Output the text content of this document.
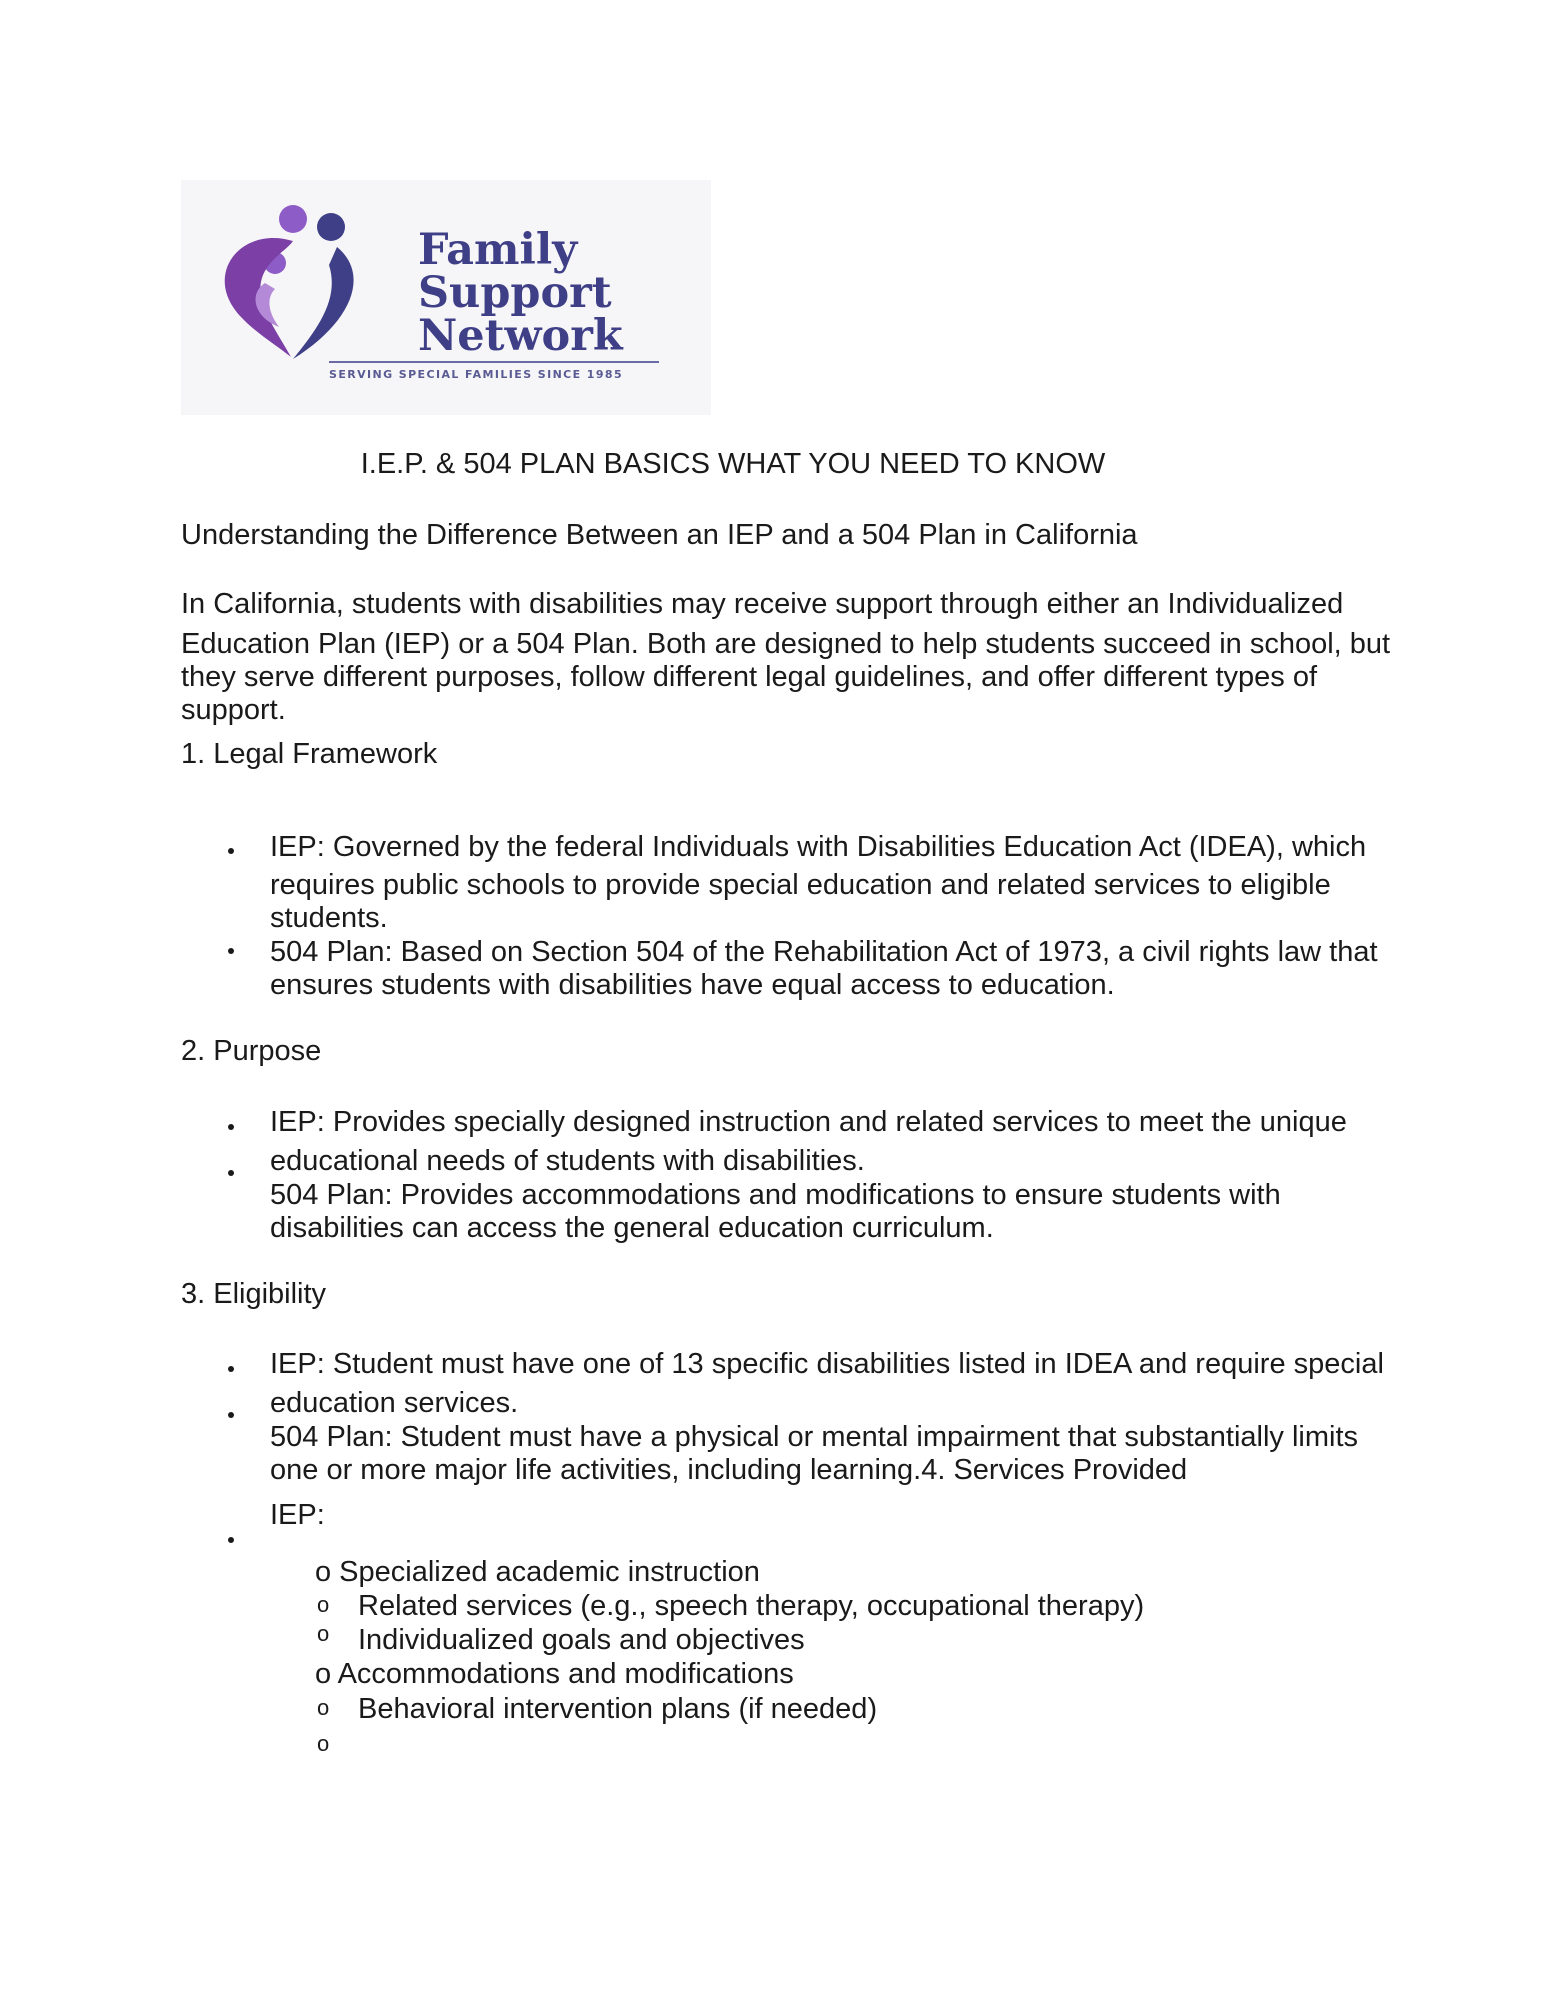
Family
Support
Network
SERVING SPECIAL FAMILIES SINCE 1985
I.E.P. & 504 PLAN BASICS WHAT YOU NEED TO KNOW
Understanding the Difference Between an IEP and a 504 Plan in California
In California, students with disabilities may receive support through either an Individualized
Education Plan (IEP) or a 504 Plan. Both are designed to help students succeed in school, but
they serve different purposes, follow different legal guidelines, and offer different types of
support.
1. Legal Framework
IEP: Governed by the federal Individuals with Disabilities Education Act (IDEA), which
requires public schools to provide special education and related services to eligible
students.
504 Plan: Based on Section 504 of the Rehabilitation Act of 1973, a civil rights law that
ensures students with disabilities have equal access to education.
2. Purpose
IEP: Provides specially designed instruction and related services to meet the unique
educational needs of students with disabilities.
504 Plan: Provides accommodations and modifications to ensure students with
disabilities can access the general education curriculum.
3. Eligibility
IEP: Student must have one of 13 specific disabilities listed in IDEA and require special
education services.
504 Plan: Student must have a physical or mental impairment that substantially limits
one or more major life activities, including learning.4. Services Provided
IEP:
o Specialized academic instruction
o Related services (e.g., speech therapy, occupational therapy)
o Individualized goals and objectives
o Accommodations and modifications
o Behavioral intervention plans (if needed)
o
